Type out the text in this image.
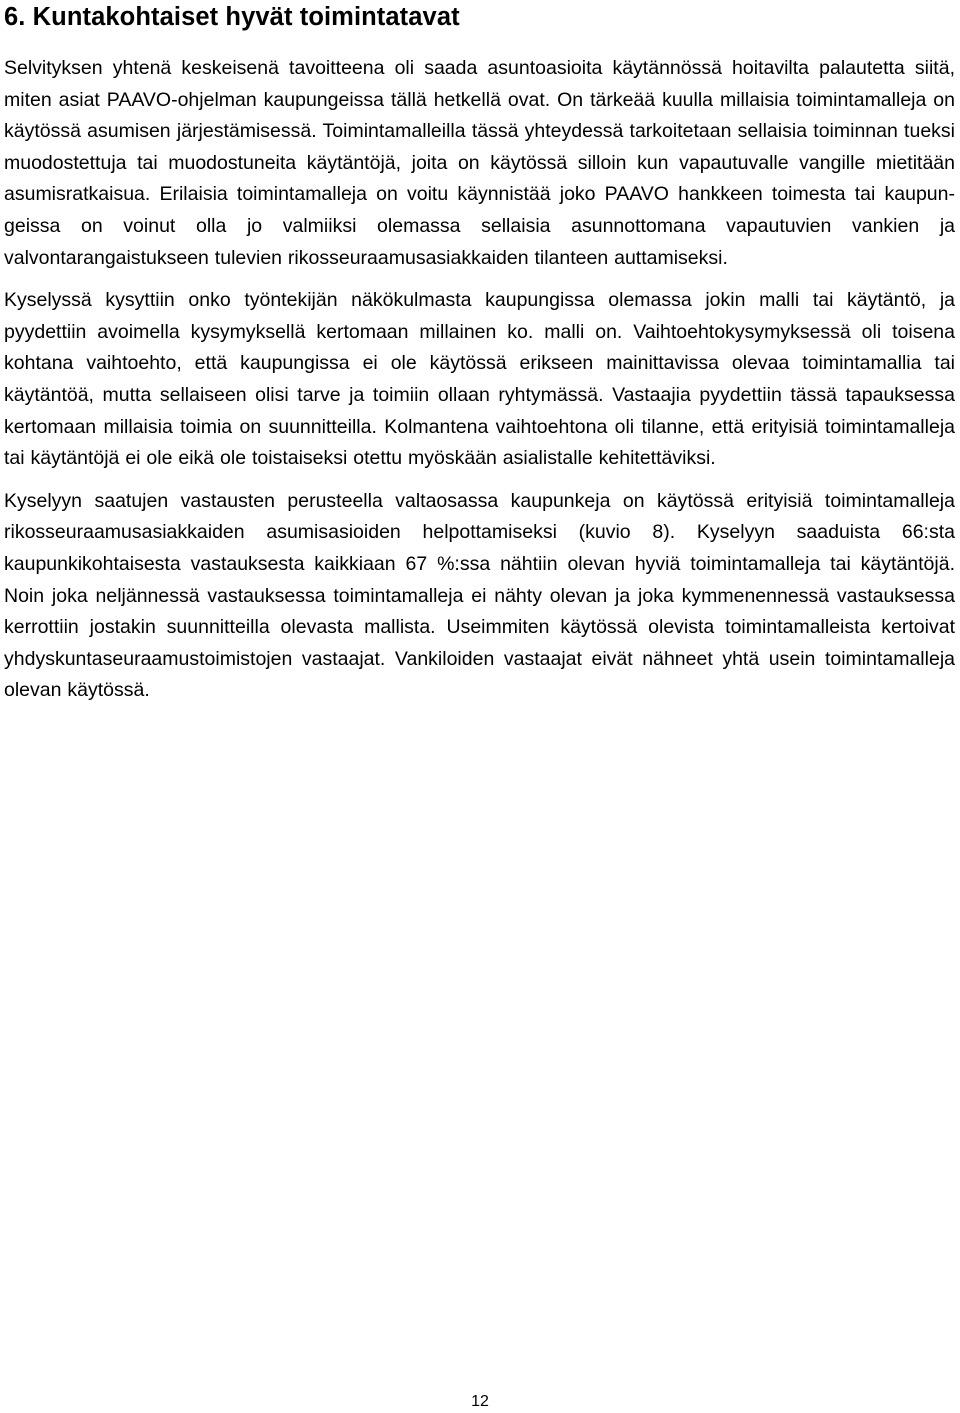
6. Kuntakohtaiset hyvät toimintatavat

Selvityksen yhtenä keskeisenä tavoitteena oli saada asuntoasioita käytännössä hoitavilta palautetta siitä, miten asiat PAAVO-ohjelman kaupungeissa tällä hetkellä ovat. On tärkeää kuulla millaisia toimintamalleja on käytössä asumisen järjestämisessä. Toimintamalleilla tässä yhteydessä tarkoitetaan sellaisia toiminnan tueksi muodostettuja tai muodostuneita käytäntöjä, joita on käytössä silloin kun vapautuvalle vangille mietitään asumisratkaisua. Erilaisia toimintamalleja on voitu käynnistää joko PAAVO hankkeen toimesta tai kaupungeissa on voinut olla jo valmiiksi olemassa sellaisia asunnottomana vapautuvien vankien ja valvontarangaistukseen tulevien rikosseuraamusasiakkaiden tilanteen auttamiseksi.

Kyselyssä kysyttiin onko työntekijän näkökulmasta kaupungissa olemassa jokin malli tai käytäntö, ja pyydettiin avoimella kysymyksellä kertomaan millainen ko. malli on. Vaihtoehtokysymyksessä oli toisena kohtana vaihtoehto, että kaupungissa ei ole käytössä erikseen mainittavissa olevaa toimintamallia tai käytäntöä, mutta sellaiseen olisi tarve ja toimiin ollaan ryhtymässä. Vastaajia pyydettiin tässä tapauksessa kertomaan millaisia toimia on suunnitteilla. Kolmantena vaihtoehtona oli tilanne, että erityisiä toimintamalleja tai käytäntöjä ei ole eikä ole toistaiseksi otettu myöskään asialistalle kehitettäviksi.

Kyselyyn saatujen vastausten perusteella valtaosassa kaupunkeja on käytössä erityisiä toimintamalleja rikosseuraamusasiakkaiden asumisasioiden helpottamiseksi (kuvio 8). Kyselyyn saaduista 66:sta kaupunkikohtaisesta vastauksesta kaikkiaan 67 %:ssa nähtiin olevan hyviä toimintamalleja tai käytäntöjä. Noin joka neljännessä vastauksessa toimintamalleja ei nähty olevan ja joka kymmenennessä vastauksessa kerrottiin jostakin suunnitteilla olevasta mallista. Useimmiten käytössä olevista toimintamalleista kertoivat yhdyskuntaseuraamustoimistojen vastaajat. Vankiloiden vastaajat eivät nähneet yhtä usein toimintamalleja olevan käytössä.

12
